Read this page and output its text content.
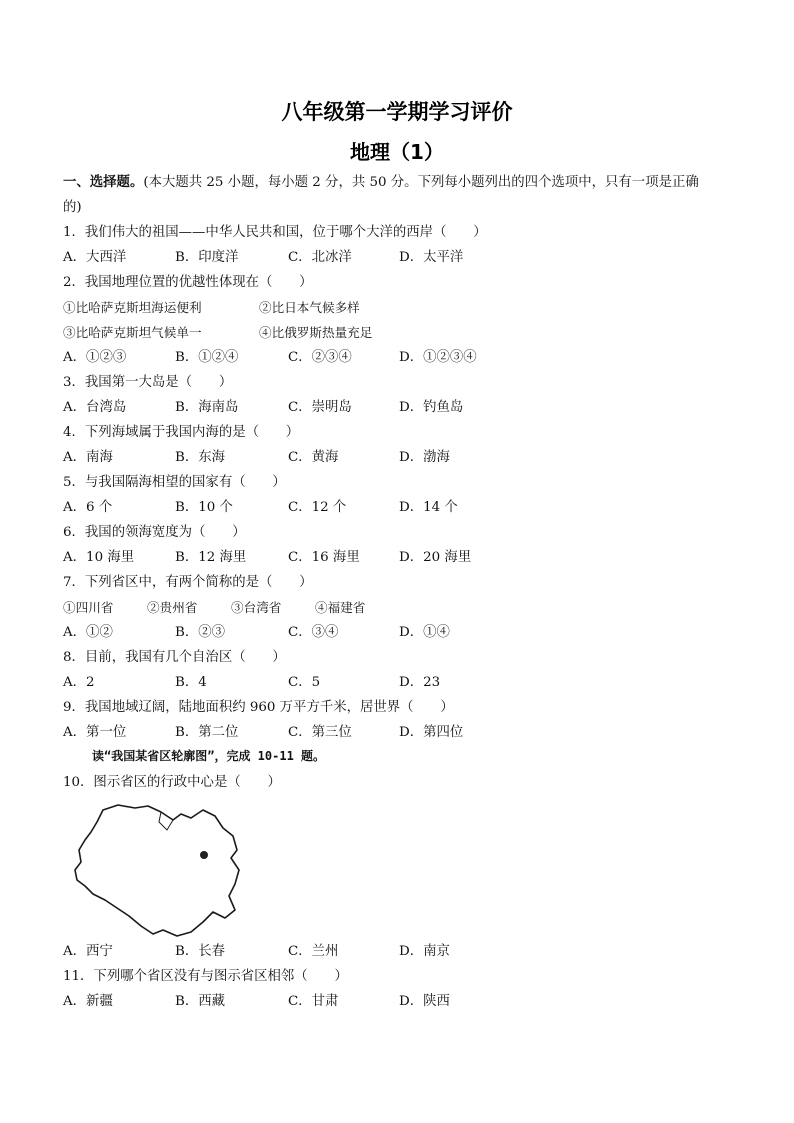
八年级第一学期学习评价
地理（1）
一、选择题。(本大题共 25 小题，每小题 2 分，共 50 分。下列每小题列出的四个选项中，只有一项是正确
的)
1．我们伟大的祖国——中华人民共和国，位于哪个大洋的西岸（　　）
A．大西洋	B．印度洋	C．北冰洋	D．太平洋
2．我国地理位置的优越性体现在（　　）
①比哈萨克斯坦海运便利	②比日本气候多样
③比哈萨克斯坦气候单一	④比俄罗斯热量充足
A．①②③	B．①②④	C．②③④	D．①②③④
3．我国第一大岛是（　　）
A．台湾岛	B．海南岛	C．崇明岛	D．钓鱼岛
4．下列海域属于我国内海的是（　　）
A．南海	B．东海	C．黄海	D．渤海
5．与我国隔海相望的国家有（　　）
A．6 个	B．10 个	C．12 个	D．14 个
6．我国的领海宽度为（　　）
A．10 海里	B．12 海里	C．16 海里	D．20 海里
7．下列省区中，有两个简称的是（　　）
①四川省	②贵州省	③台湾省	④福建省
A．①②	B．②③	C．③④	D．①④
8．目前，我国有几个自治区（　　）
A．2	B．4	C．5	D．23
9．我国地域辽阔，陆地面积约 960 万平方千米，居世界（　　）
A．第一位	B．第二位	C．第三位	D．第四位
读“我国某省区轮廓图”，完成 10-11 题。
10．图示省区的行政中心是（　　）
A．西宁	B．长春	C．兰州	D．南京
11．下列哪个省区没有与图示省区相邻（　　）
A．新疆	B．西藏	C．甘肃	D．陕西
